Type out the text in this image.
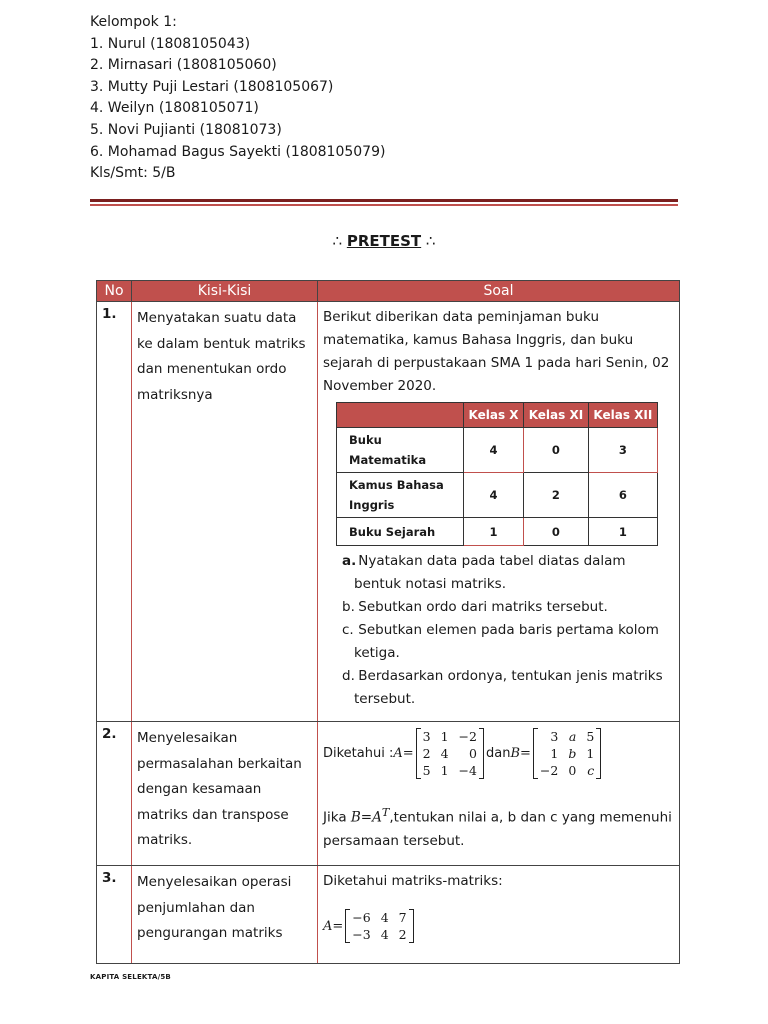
Kelompok 1:
1. Nurul (1808105043)
2. Mirnasari (1808105060)
3. Mutty Puji Lestari (1808105067)
4. Weilyn (1808105071)
5. Novi Pujianti (18081073)
6. Mohamad Bagus Sayekti (1808105079)
Kls/Smt: 5/B
∴ PRETEST ∴
No	Kisi-Kisi	Soal
1.	Menyatakan suatu data ke dalam bentuk matriks dan menentukan ordo matriksnya	
Berikut diberikan data peminjaman buku matematika, kamus Bahasa Inggris, dan buku sejarah di perpustakaan SMA 1 pada hari Senin, 02 November 2020.
	Kelas X	Kelas XI	Kelas XII
Buku Matematika	4	0	3
Kamus Bahasa Inggris	4	2	6
Buku Sejarah	1	0	1
a. Nyatakan data pada tabel diatas dalam bentuk notasi matriks.
b. Sebutkan ordo dari matriks tersebut.
c. Sebutkan elemen pada baris pertama kolom ketiga.
d. Berdasarkan ordonya, tentukan jenis matriks tersebut.

2.	Menyelesaikan permasalahan berkaitan dengan kesamaan matriks dan transpose matriks.	
Diketahui : A=
3 1 −2
2 4	0
5 1 −4
dan B=
3 a 5
1 b 1
−2 0 c
Jika $B=A^T,tentukan$ nilai a, b dan c yang memenuhi persamaan tersebut.

3.	Menyelesaikan operasi penjumlahan dan pengurangan matriks	
Diketahui matriks-matriks:
A=
−6 4 7
−3 4 2
KAPITA SELEKTA/5B
